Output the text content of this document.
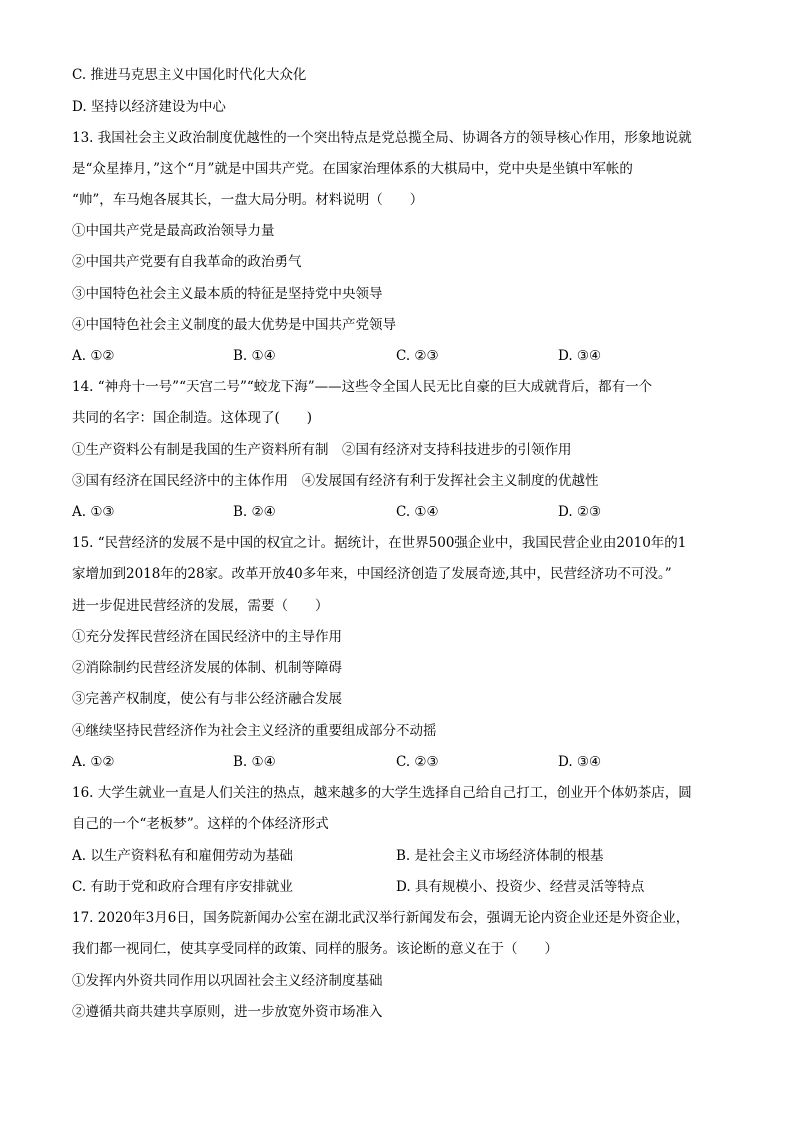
C. 推进马克思主义中国化时代化大众化
D. 坚持以经济建设为中心
13. 我国社会主义政治制度优越性的一个突出特点是党总揽全局、协调各方的领导核心作用，形象地说就
是“众星捧月，”这个“月”就是中国共产党。在国家治理体系的大棋局中，党中央是坐镇中军帐的
“帅”，车马炮各展其长，一盘大局分明。材料说明（　　）
①中国共产党是最高政治领导力量
②中国共产党要有自我革命的政治勇气
③中国特色社会主义最本质的特征是坚持党中央领导
④中国特色社会主义制度的最大优势是中国共产党领导
A. ①②	B. ①④	C. ②③	D. ③④
14. “神舟十一号”“天宫二号”“蛟龙下海”——这些令全国人民无比自豪的巨大成就背后，都有一个
共同的名字：国企制造。这体现了(　　)
①生产资料公有制是我国的生产资料所有制　②国有经济对支持科技进步的引领作用
③国有经济在国民经济中的主体作用　④发展国有经济有利于发挥社会主义制度的优越性
A. ①③	B. ②④	C. ①④	D. ②③
15. “民营经济的发展不是中国的权宜之计。据统计，在世界500强企业中，我国民营企业由2010年的1
家增加到2018年的28家。改革开放40多年来，中国经济创造了发展奇迹,其中，民营经济功不可没。”
进一步促进民营经济的发展，需要（　　）
①充分发挥民营经济在国民经济中的主导作用
②消除制约民营经济发展的体制、机制等障碍
③完善产权制度，使公有与非公经济融合发展
④继续坚持民营经济作为社会主义经济的重要组成部分不动摇
A. ①②	B. ①④	C. ②③	D. ③④
16. 大学生就业一直是人们关注的热点，越来越多的大学生选择自己给自己打工，创业开个体奶茶店，圆
自己的一个“老板梦”。这样的个体经济形式
A. 以生产资料私有和雇佣劳动为基础	B. 是社会主义市场经济体制的根基
C. 有助于党和政府合理有序安排就业	D. 具有规模小、投资少、经营灵活等特点
17. 2020年3月6日，国务院新闻办公室在湖北武汉举行新闻发布会，强调无论内资企业还是外资企业，
我们都一视同仁，使其享受同样的政策、同样的服务。该论断的意义在于（　　）
①发挥内外资共同作用以巩固社会主义经济制度基础
②遵循共商共建共享原则，进一步放宽外资市场准入
